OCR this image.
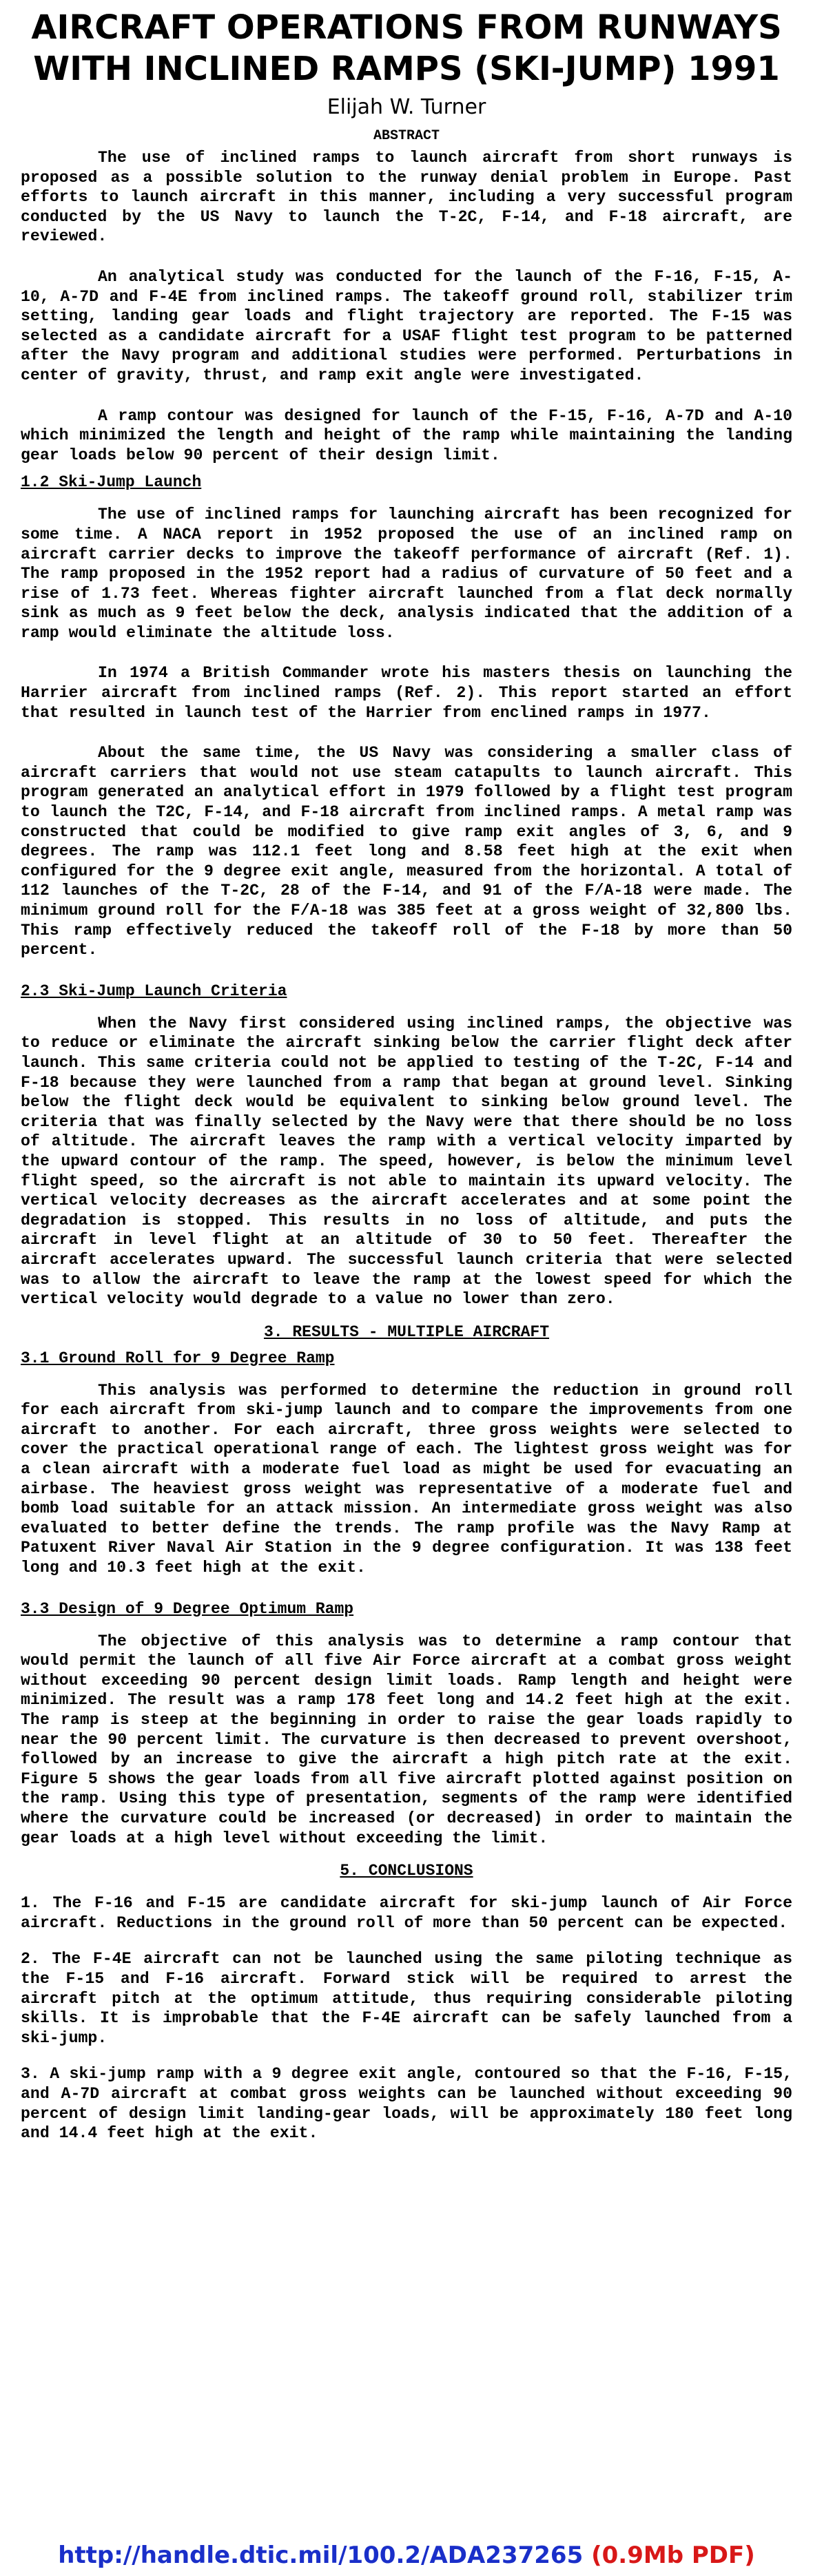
AIRCRAFT OPERATIONS FROM RUNWAYS
WITH INCLINED RAMPS (SKI-JUMP) 1991
Elijah W. Turner
ABSTRACT

The use of inclined ramps to launch aircraft from short runways is proposed as a possible solution to the runway denial problem in Europe. Past efforts to launch aircraft in this manner, including a very successful program conducted by the US Navy to launch the T-2C, F-14, and F-18 aircraft, are reviewed.

An analytical study was conducted for the launch of the F-16, F-15, A-10, A-7D and F-4E from inclined ramps. The takeoff ground roll, stabilizer trim setting, landing gear loads and flight trajectory are reported. The F-15 was selected as a candidate aircraft for a USAF flight test program to be patterned after the Navy program and additional studies were performed. Perturbations in center of gravity, thrust, and ramp exit angle were investigated.

A ramp contour was designed for launch of the F-15, F-16, A-7D and A-10 which minimized the length and height of the ramp while maintaining the landing gear loads below 90 percent of their design limit.

1.2 Ski-Jump Launch

The use of inclined ramps for launching aircraft has been recognized for some time. A NACA report in 1952 proposed the use of an inclined ramp on aircraft carrier decks to improve the takeoff performance of aircraft (Ref. 1). The ramp proposed in the 1952 report had a radius of curvature of 50 feet and a rise of 1.73 feet. Whereas fighter aircraft launched from a flat deck normally sink as much as 9 feet below the deck, analysis indicated that the addition of a ramp would eliminate the altitude loss.

In 1974 a British Commander wrote his masters thesis on launching the Harrier aircraft from inclined ramps (Ref. 2). This report started an effort that resulted in launch test of the Harrier from enclined ramps in 1977.

About the same time, the US Navy was considering a smaller class of aircraft carriers that would not use steam catapults to launch aircraft. This program generated an analytical effort in 1979 followed by a flight test program to launch the T2C, F-14, and F-18 aircraft from inclined ramps. A metal ramp was constructed that could be modified to give ramp exit angles of 3, 6, and 9 degrees. The ramp was 112.1 feet long and 8.58 feet high at the exit when configured for the 9 degree exit angle, measured from the horizontal. A total of 112 launches of the T-2C, 28 of the F-14, and 91 of the F/A-18 were made. The minimum ground roll for the F/A-18 was 385 feet at a gross weight of 32,800 lbs. This ramp effectively reduced the takeoff roll of the F-18 by more than 50 percent.

2.3 Ski-Jump Launch Criteria

When the Navy first considered using inclined ramps, the objective was to reduce or eliminate the aircraft sinking below the carrier flight deck after launch. This same criteria could not be applied to testing of the T-2C, F-14 and F-18 because they were launched from a ramp that began at ground level. Sinking below the flight deck would be equivalent to sinking below ground level. The criteria that was finally selected by the Navy were that there should be no loss of altitude. The aircraft leaves the ramp with a vertical velocity imparted by the upward contour of the ramp. The speed, however, is below the minimum level flight speed, so the aircraft is not able to maintain its upward velocity. The vertical velocity decreases as the aircraft accelerates and at some point the degradation is stopped. This results in no loss of altitude, and puts the aircraft in level flight at an altitude of 30 to 50 feet. Thereafter the aircraft accelerates upward. The successful launch criteria that were selected was to allow the aircraft to leave the ramp at the lowest speed for which the vertical velocity would degrade to a value no lower than zero.

3. RESULTS - MULTIPLE AIRCRAFT
3.1 Ground Roll for 9 Degree Ramp

This analysis was performed to determine the reduction in ground roll for each aircraft from ski-jump launch and to compare the improvements from one aircraft to another. For each aircraft, three gross weights were selected to cover the practical operational range of each. The lightest gross weight was for a clean aircraft with a moderate fuel load as might be used for evacuating an airbase. The heaviest gross weight was representative of a moderate fuel and bomb load suitable for an attack mission. An intermediate gross weight was also evaluated to better define the trends. The ramp profile was the Navy Ramp at Patuxent River Naval Air Station in the 9 degree configuration. It was 138 feet long and 10.3 feet high at the exit.

3.3 Design of 9 Degree Optimum Ramp

The objective of this analysis was to determine a ramp contour that would permit the launch of all five Air Force aircraft at a combat gross weight without exceeding 90 percent design limit loads. Ramp length and height were minimized. The result was a ramp 178 feet long and 14.2 feet high at the exit. The ramp is steep at the beginning in order to raise the gear loads rapidly to near the 90 percent limit. The curvature is then decreased to prevent overshoot, followed by an increase to give the aircraft a high pitch rate at the exit. Figure 5 shows the gear loads from all five aircraft plotted against position on the ramp. Using this type of presentation, segments of the ramp were identified where the curvature could be increased (or decreased) in order to maintain the gear loads at a high level without exceeding the limit.

5. CONCLUSIONS

1. The F-16 and F-15 are candidate aircraft for ski-jump launch of Air Force aircraft. Reductions in the ground roll of more than 50 percent can be expected.

2. The F-4E aircraft can not be launched using the same piloting technique as the F-15 and F-16 aircraft. Forward stick will be required to arrest the aircraft pitch at the optimum attitude, thus requiring considerable piloting skills. It is improbable that the F-4E aircraft can be safely launched from a ski-jump.

3. A ski-jump ramp with a 9 degree exit angle, contoured so that the F-16, F-15, and A-7D aircraft at combat gross weights can be launched without exceeding 90 percent of design limit landing-gear loads, will be approximately 180 feet long and 14.4 feet high at the exit.

http://handle.dtic.mil/100.2/ADA237265 (0.9Mb PDF)
